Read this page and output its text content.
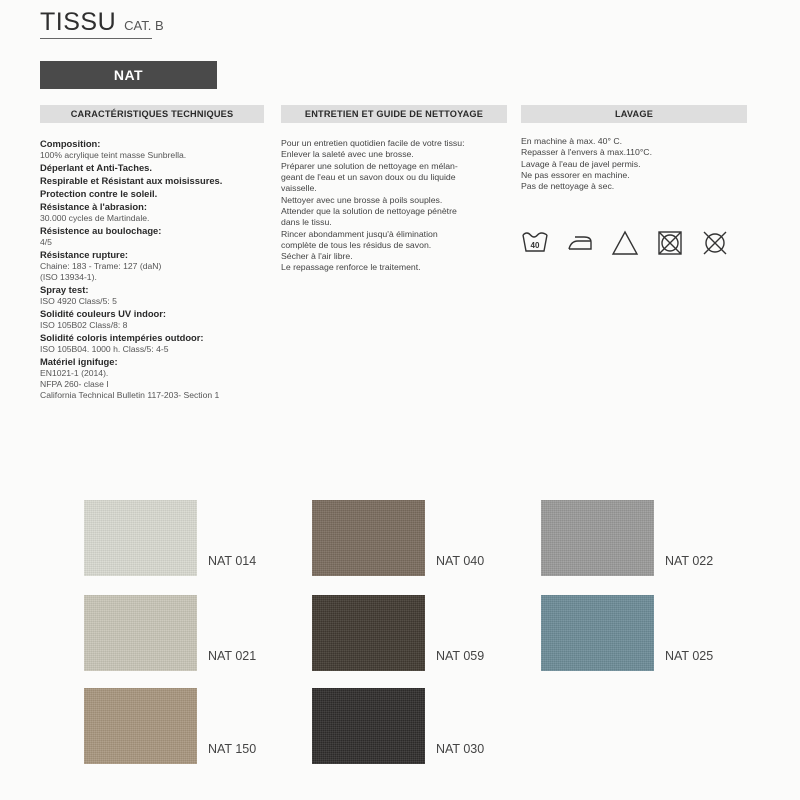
TISSU CAT. B
NAT
CARACTÉRISTIQUES TECHNIQUES	ENTRETIEN ET GUIDE DE NETTOYAGE	LAVAGE
Composition:
100% acrylique teint masse Sunbrella.
Déperlant et Anti-Taches.
Respirable et Résistant aux moisissures.
Protection contre le soleil.
Résistance à l'abrasion:
30.000 cycles de Martindale.
Résistence au boulochage:
4/5
Résistance rupture:
Chaine: 183 - Trame: 127 (daN)
(ISO 13934-1).
Spray test:
ISO 4920 Class/5: 5
Solidité couleurs UV indoor:
ISO 105B02 Class/8: 8
Solidité coloris intempéries outdoor:
ISO 105B04. 1000 h. Class/5: 4-5
Matériel ignifuge:
EN1021-1 (2014).
NFPA 260- clase I
California Technical Bulletin 117-203- Section 1
Pour un entretien quotidien facile de votre tissu:
Enlever la saleté avec une brosse.
Préparer une solution de nettoyage en mélan-
geant de l'eau et un savon doux ou du liquide
vaisselle.
Nettoyer avec une brosse à poils souples.
Attender que la solution de nettoyage pénètre
dans le tissu.
Rincer abondamment jusqu'à élimination
complète de tous les résidus de savon.
Sécher à l'air libre.
Le repassage renforce le traitement.
En machine à max. 40° C.
Repasser à l'envers à max.110°C.
Lavage à l'eau de javel permis.
Ne pas essorer en machine.
Pas de nettoyage à sec.
40
NAT 014	NAT 040	NAT 022
NAT 021	NAT 059	NAT 025
NAT 150	NAT 030
